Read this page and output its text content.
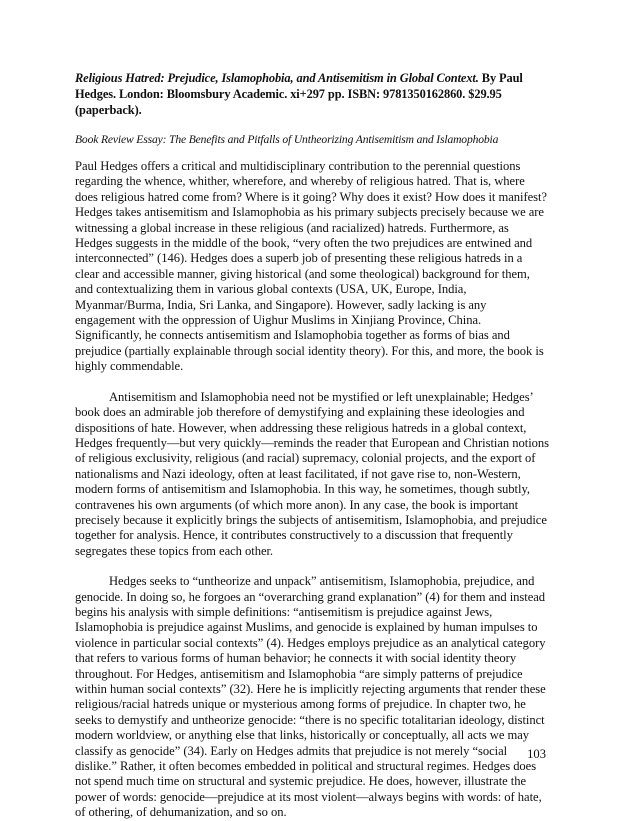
Religious Hatred: Prejudice, Islamophobia, and Antisemitism in Global Context. By Paul Hedges. London: Bloomsbury Academic. xi+297 pp. ISBN: 9781350162860. $29.95 (paperback).

Book Review Essay: The Benefits and Pitfalls of Untheorizing Antisemitism and Islamophobia

Paul Hedges offers a critical and multidisciplinary contribution to the perennial questions regarding the whence, whither, wherefore, and whereby of religious hatred. That is, where does religious hatred come from? Where is it going? Why does it exist? How does it manifest? Hedges takes antisemitism and Islamophobia as his primary subjects precisely because we are witnessing a global increase in these religious (and racialized) hatreds. Furthermore, as Hedges suggests in the middle of the book, “very often the two prejudices are entwined and interconnected” (146). Hedges does a superb job of presenting these religious hatreds in a clear and accessible manner, giving historical (and some theological) background for them, and contextualizing them in various global contexts (USA, UK, Europe, India, Myanmar/Burma, India, Sri Lanka, and Singapore). However, sadly lacking is any engagement with the oppression of Uighur Muslims in Xinjiang Province, China. Significantly, he connects antisemitism and Islamophobia together as forms of bias and prejudice (partially explainable through social identity theory). For this, and more, the book is highly commendable.

Antisemitism and Islamophobia need not be mystified or left unexplainable; Hedges’ book does an admirable job therefore of demystifying and explaining these ideologies and dispositions of hate. However, when addressing these religious hatreds in a global context, Hedges frequently—but very quickly—reminds the reader that European and Christian notions of religious exclusivity, religious (and racial) supremacy, colonial projects, and the export of nationalisms and Nazi ideology, often at least facilitated, if not gave rise to, non-Western, modern forms of antisemitism and Islamophobia. In this way, he sometimes, though subtly, contravenes his own arguments (of which more anon). In any case, the book is important precisely because it explicitly brings the subjects of antisemitism, Islamophobia, and prejudice together for analysis. Hence, it contributes constructively to a discussion that frequently segregates these topics from each other.

Hedges seeks to “untheorize and unpack” antisemitism, Islamophobia, prejudice, and genocide. In doing so, he forgoes an “overarching grand explanation” (4) for them and instead begins his analysis with simple definitions: “antisemitism is prejudice against Jews, Islamophobia is prejudice against Muslims, and genocide is explained by human impulses to violence in particular social contexts” (4). Hedges employs prejudice as an analytical category that refers to various forms of human behavior; he connects it with social identity theory throughout. For Hedges, antisemitism and Islamophobia “are simply patterns of prejudice within human social contexts” (32). Here he is implicitly rejecting arguments that render these religious/racial hatreds unique or mysterious among forms of prejudice. In chapter two, he seeks to demystify and untheorize genocide: “there is no specific totalitarian ideology, distinct modern worldview, or anything else that links, historically or conceptually, all acts we may classify as genocide” (34). Early on Hedges admits that prejudice is not merely “social dislike.” Rather, it often becomes embedded in political and structural regimes. Hedges does not spend much time on structural and systemic prejudice. He does, however, illustrate the power of words: genocide—prejudice at its most violent—always begins with words: of hate, of othering, of dehumanization, and so on.

103
